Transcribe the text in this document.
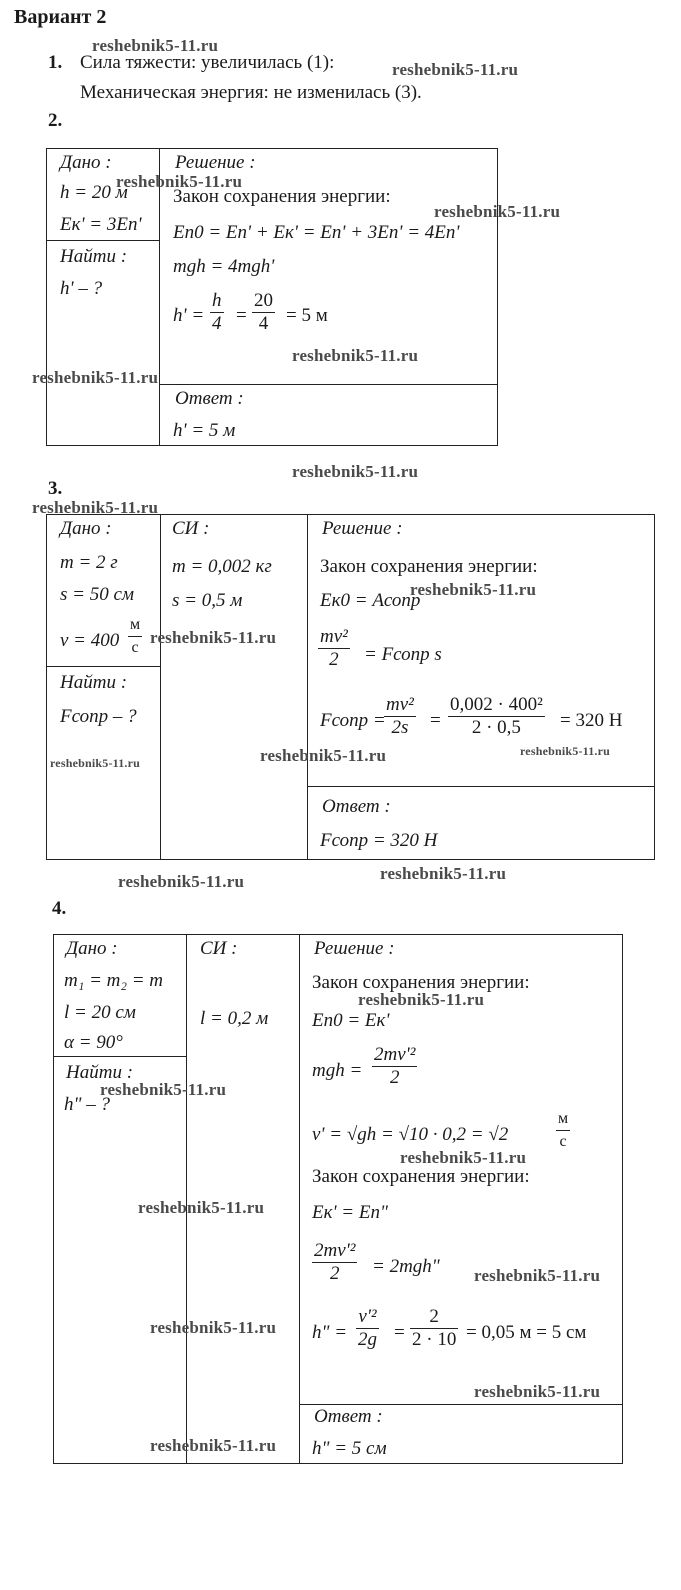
Вариант 2
1. Сила тяжести: увеличилась (1):
Механическая энергия: не изменилась (3).
2.
Дано :
h = 20 м
Eк' = 3Eп'
Найти :
h' – ?
Решение :
Закон сохранения энергии:
Eп0 = Eп' + Eк' = Eп' + 3Eп' = 4Eп'
mgh = 4mgh'
h' =
h
4 =
20
4 = 5 м
Ответ :
h' = 5 м
3.
Дано :
m = 2 г
s = 50 см
v = 400
м
с
Найти :
Fсопр – ?
СИ :
m = 0,002 кг
s = 0,5 м
Решение :
Закон сохранения энергии:
Eк0 = Aсопр
mv²
2 = Fсопр s
Fсопр =
mv²
2s =
0,002 · 400²
2 · 0,5 = 320 Н
Ответ :
Fсопр = 320 Н
4.
Дано :
m₁ = m₂ = m
l = 20 см
α = 90°
Найти :
h" – ?
СИ :
l = 0,2 м
Решение :
Закон сохранения энергии:
Eп0 = Eк'
mgh =
2mv'²
2
v' = √gh = √10 · 0,2 = √2
м
с
Закон сохранения энергии:
Eк' = Eп"
2mv'²
2 = 2mgh"
h" =
v'²
2g =
2
2 · 10 = 0,05 м = 5 см
Ответ :
h" = 5 см
reshebnik5-11.ru
reshebnik5-11.ru
reshebnik5-11.ru
reshebnik5-11.ru
reshebnik5-11.ru
reshebnik5-11.ru
reshebnik5-11.ru
reshebnik5-11.ru
reshebnik5-11.ru
reshebnik5-11.ru
reshebnik5-11.ru	reshebnik5-11.ru
reshebnik5-11.ru
reshebnik5-11.ru
reshebnik5-11.ru
reshebnik5-11.ru
reshebnik5-11.ru
reshebnik5-11.ru
reshebnik5-11.ru
reshebnik5-11.ru
reshebnik5-11.ru
reshebnik5-11.ru
reshebnik5-11.ru
